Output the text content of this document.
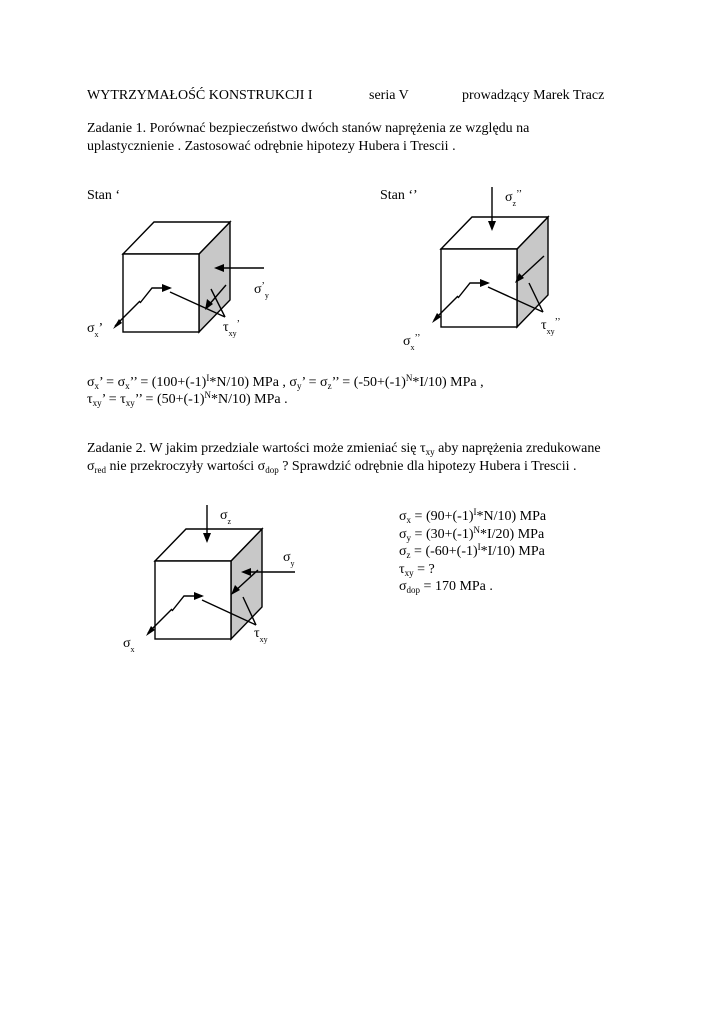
WYTRZYMAŁOŚĆ KONSTRUKCJI I	seria V	prowadzący Marek Tracz
Zadanie 1. Porównać bezpieczeństwo dwóch stanów naprężenia ze względu na
uplastycznienie . Zastosować odrębnie hipotezy Hubera i Trescii .
Stan ‘	Stan ‘’
$\sigma_x$’
$\sigma^’_y$
$\tau_{xy}^’$
$\sigma_z^{’’}$
$\sigma_x^{’’}$
$\tau_{xy}^{’’}$
$\sigma_x$’ = $\sigma_x$’’ = $(100+(-1)^I*N/10)$ MPa , $\sigma_y$’ = $\sigma_z$’’ = $(-50+(-1)^N*I/10)$ MPa ,
$\tau_{xy}$’ = $\tau_{xy}$’’ = $(50+(-1)^N*N/10)$ MPa .
Zadanie 2. W jakim przedziale wartości może zmieniać się $\tau_{xy}$ aby naprężenia zredukowane
$\sigma_{red}$ nie przekroczyły wartości $\sigma_{dop}$ ? Sprawdzić odrębnie dla hipotezy Hubera i Trescii .
$\sigma_z$
$\sigma_y$
$\sigma_x$
$\tau_{xy}$
$\sigma_x = (90+(-1)^I*N/10)$ MPa
$\sigma_y = (30+(-1)^N*I/20)$ MPa
$\sigma_z = (-60+(-1)^I*I/10)$ MPa
$\tau_{xy}$ = ?
$\sigma_{dop} = 170$ MPa .
